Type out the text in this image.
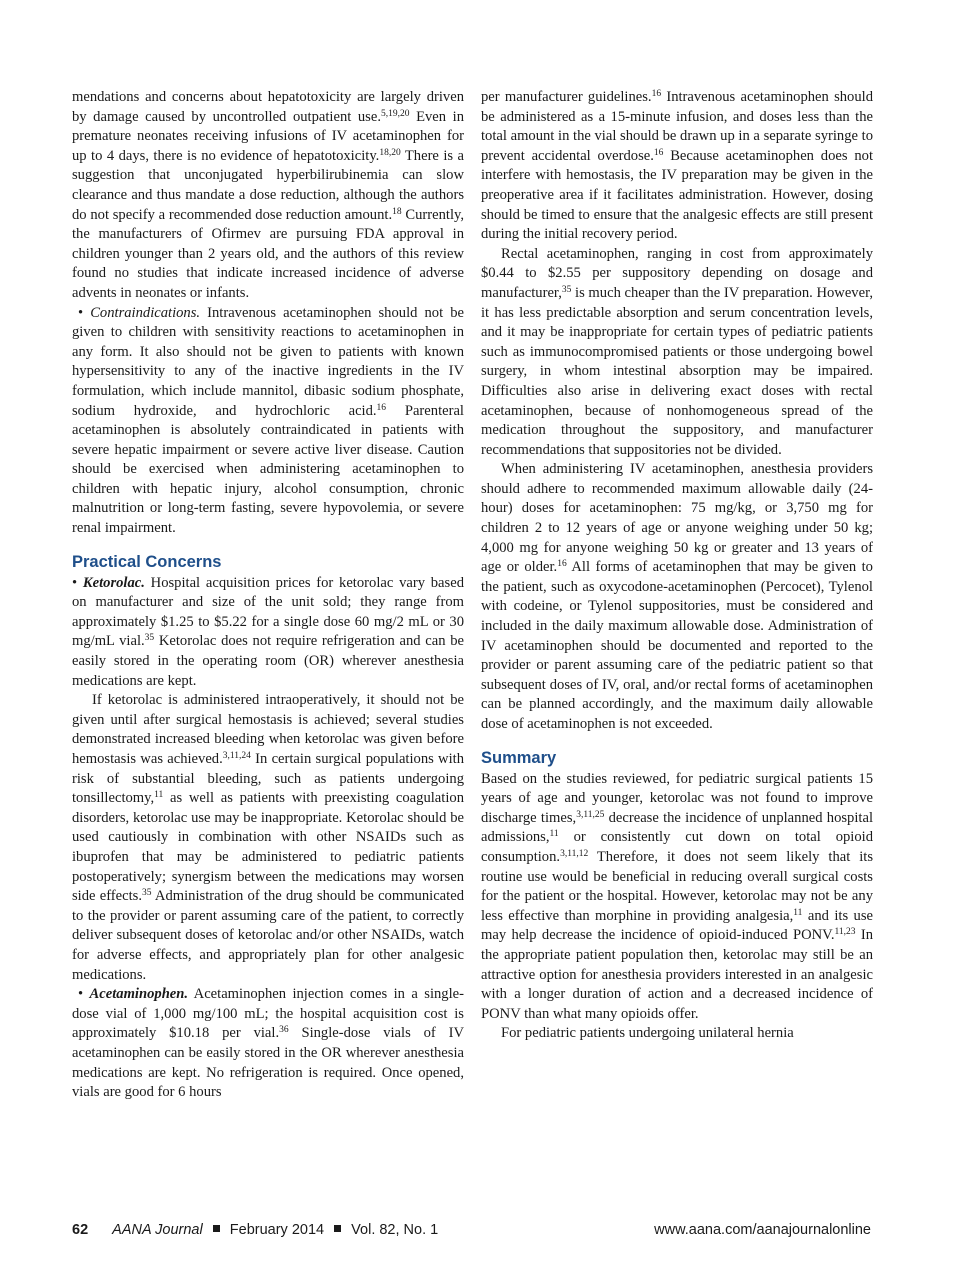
mendations and concerns about hepatotoxicity are largely driven by damage caused by uncontrolled outpatient use.$^{5,19,20}$ Even in premature neonates receiving infusions of IV acetaminophen for up to 4 days, there is no evidence of hepatotoxicity.$^{18,20}$ There is a suggestion that unconjugated hyperbilirubinemia can slow clearance and thus mandate a dose reduction, although the authors do not specify a recommended dose reduction amount.$^{18}$ Currently, the manufacturers of Ofirmev are pursuing FDA approval in children younger than 2 years old, and the authors of this review found no studies that indicate increased incidence of adverse advents in neonates or infants.

• Contraindications. Intravenous acetaminophen should not be given to children with sensitivity reactions to acetaminophen in any form. It also should not be given to patients with known hypersensitivity to any of the inactive ingredients in the IV formulation, which include mannitol, dibasic sodium phosphate, sodium hydroxide, and hydrochloric acid.$^{16}$ Parenteral acetaminophen is absolutely contraindicated in patients with severe hepatic impairment or severe active liver disease. Caution should be exercised when administering acetaminophen to children with hepatic injury, alcohol consumption, chronic malnutrition or long-term fasting, severe hypovolemia, or severe renal impairment.

Practical Concerns

• Ketorolac. Hospital acquisition prices for ketorolac vary based on manufacturer and size of the unit sold; they range from approximately $1.25 to $5.22 for a single dose 60 mg/2 mL or 30 mg/mL vial.$^{35}$ Ketorolac does not require refrigeration and can be easily stored in the operating room (OR) wherever anesthesia medications are kept.

If ketorolac is administered intraoperatively, it should not be given until after surgical hemostasis is achieved; several studies demonstrated increased bleeding when ketorolac was given before hemostasis was achieved.$^{3,11,24}$ In certain surgical populations with risk of substantial bleeding, such as patients undergoing tonsillectomy,$^{11}$ as well as patients with preexisting coagulation disorders, ketorolac use may be inappropriate. Ketorolac should be used cautiously in combination with other NSAIDs such as ibuprofen that may be administered to pediatric patients postoperatively; synergism between the medications may worsen side effects.$^{35}$ Administration of the drug should be communicated to the provider or parent assuming care of the patient, to correctly deliver subsequent doses of ketorolac and/or other NSAIDs, watch for adverse effects, and appropriately plan for other analgesic medications.

• Acetaminophen. Acetaminophen injection comes in a single-dose vial of 1,000 mg/100 mL; the hospital acquisition cost is approximately $10.18 per vial.$^{36}$ Single-dose vials of IV acetaminophen can be easily stored in the OR wherever anesthesia medications are kept. No refrigeration is required. Once opened, vials are good for 6 hours

per manufacturer guidelines.$^{16}$ Intravenous acetaminophen should be administered as a 15-minute infusion, and doses less than the total amount in the vial should be drawn up in a separate syringe to prevent accidental overdose.$^{16}$ Because acetaminophen does not interfere with hemostasis, the IV preparation may be given in the preoperative area if it facilitates administration. However, dosing should be timed to ensure that the analgesic effects are still present during the initial recovery period.

Rectal acetaminophen, ranging in cost from approximately $0.44 to $2.55 per suppository depending on dosage and manufacturer,$^{35}$ is much cheaper than the IV preparation. However, it has less predictable absorption and serum concentration levels, and it may be inappropriate for certain types of pediatric patients such as immunocompromised patients or those undergoing bowel surgery, in whom intestinal absorption may be impaired. Difficulties also arise in delivering exact doses with rectal acetaminophen, because of nonhomogeneous spread of the medication throughout the suppository, and manufacturer recommendations that suppositories not be divided.

When administering IV acetaminophen, anesthesia providers should adhere to recommended maximum allowable daily (24-hour) doses for acetaminophen: 75 mg/kg, or 3,750 mg for children 2 to 12 years of age or anyone weighing under 50 kg; 4,000 mg for anyone weighing 50 kg or greater and 13 years of age or older.$^{16}$ All forms of acetaminophen that may be given to the patient, such as oxycodone-acetaminophen (Percocet), Tylenol with codeine, or Tylenol suppositories, must be considered and included in the daily maximum allowable dose. Administration of IV acetaminophen should be documented and reported to the provider or parent assuming care of the pediatric patient so that subsequent doses of IV, oral, and/or rectal forms of acetaminophen can be planned accordingly, and the maximum daily allowable dose of acetaminophen is not exceeded.

Summary

Based on the studies reviewed, for pediatric surgical patients 15 years of age and younger, ketorolac was not found to improve discharge times,$^{3,11,25}$ decrease the incidence of unplanned hospital admissions,$^{11}$ or consistently cut down on total opioid consumption.$^{3,11,12}$ Therefore, it does not seem likely that its routine use would be beneficial in reducing overall surgical costs for the patient or the hospital. However, ketorolac may not be any less effective than morphine in providing analgesia,$^{11}$ and its use may help decrease the incidence of opioid-induced PONV.$^{11,23}$ In the appropriate patient population then, ketorolac may still be an attractive option for anesthesia providers interested in an analgesic with a longer duration of action and a decreased incidence of PONV than what many opioids offer.

For pediatric patients undergoing unilateral hernia

62 AANA Journal February 2014 Vol. 82, No. 1	www.aana.com/aanajournalonline
